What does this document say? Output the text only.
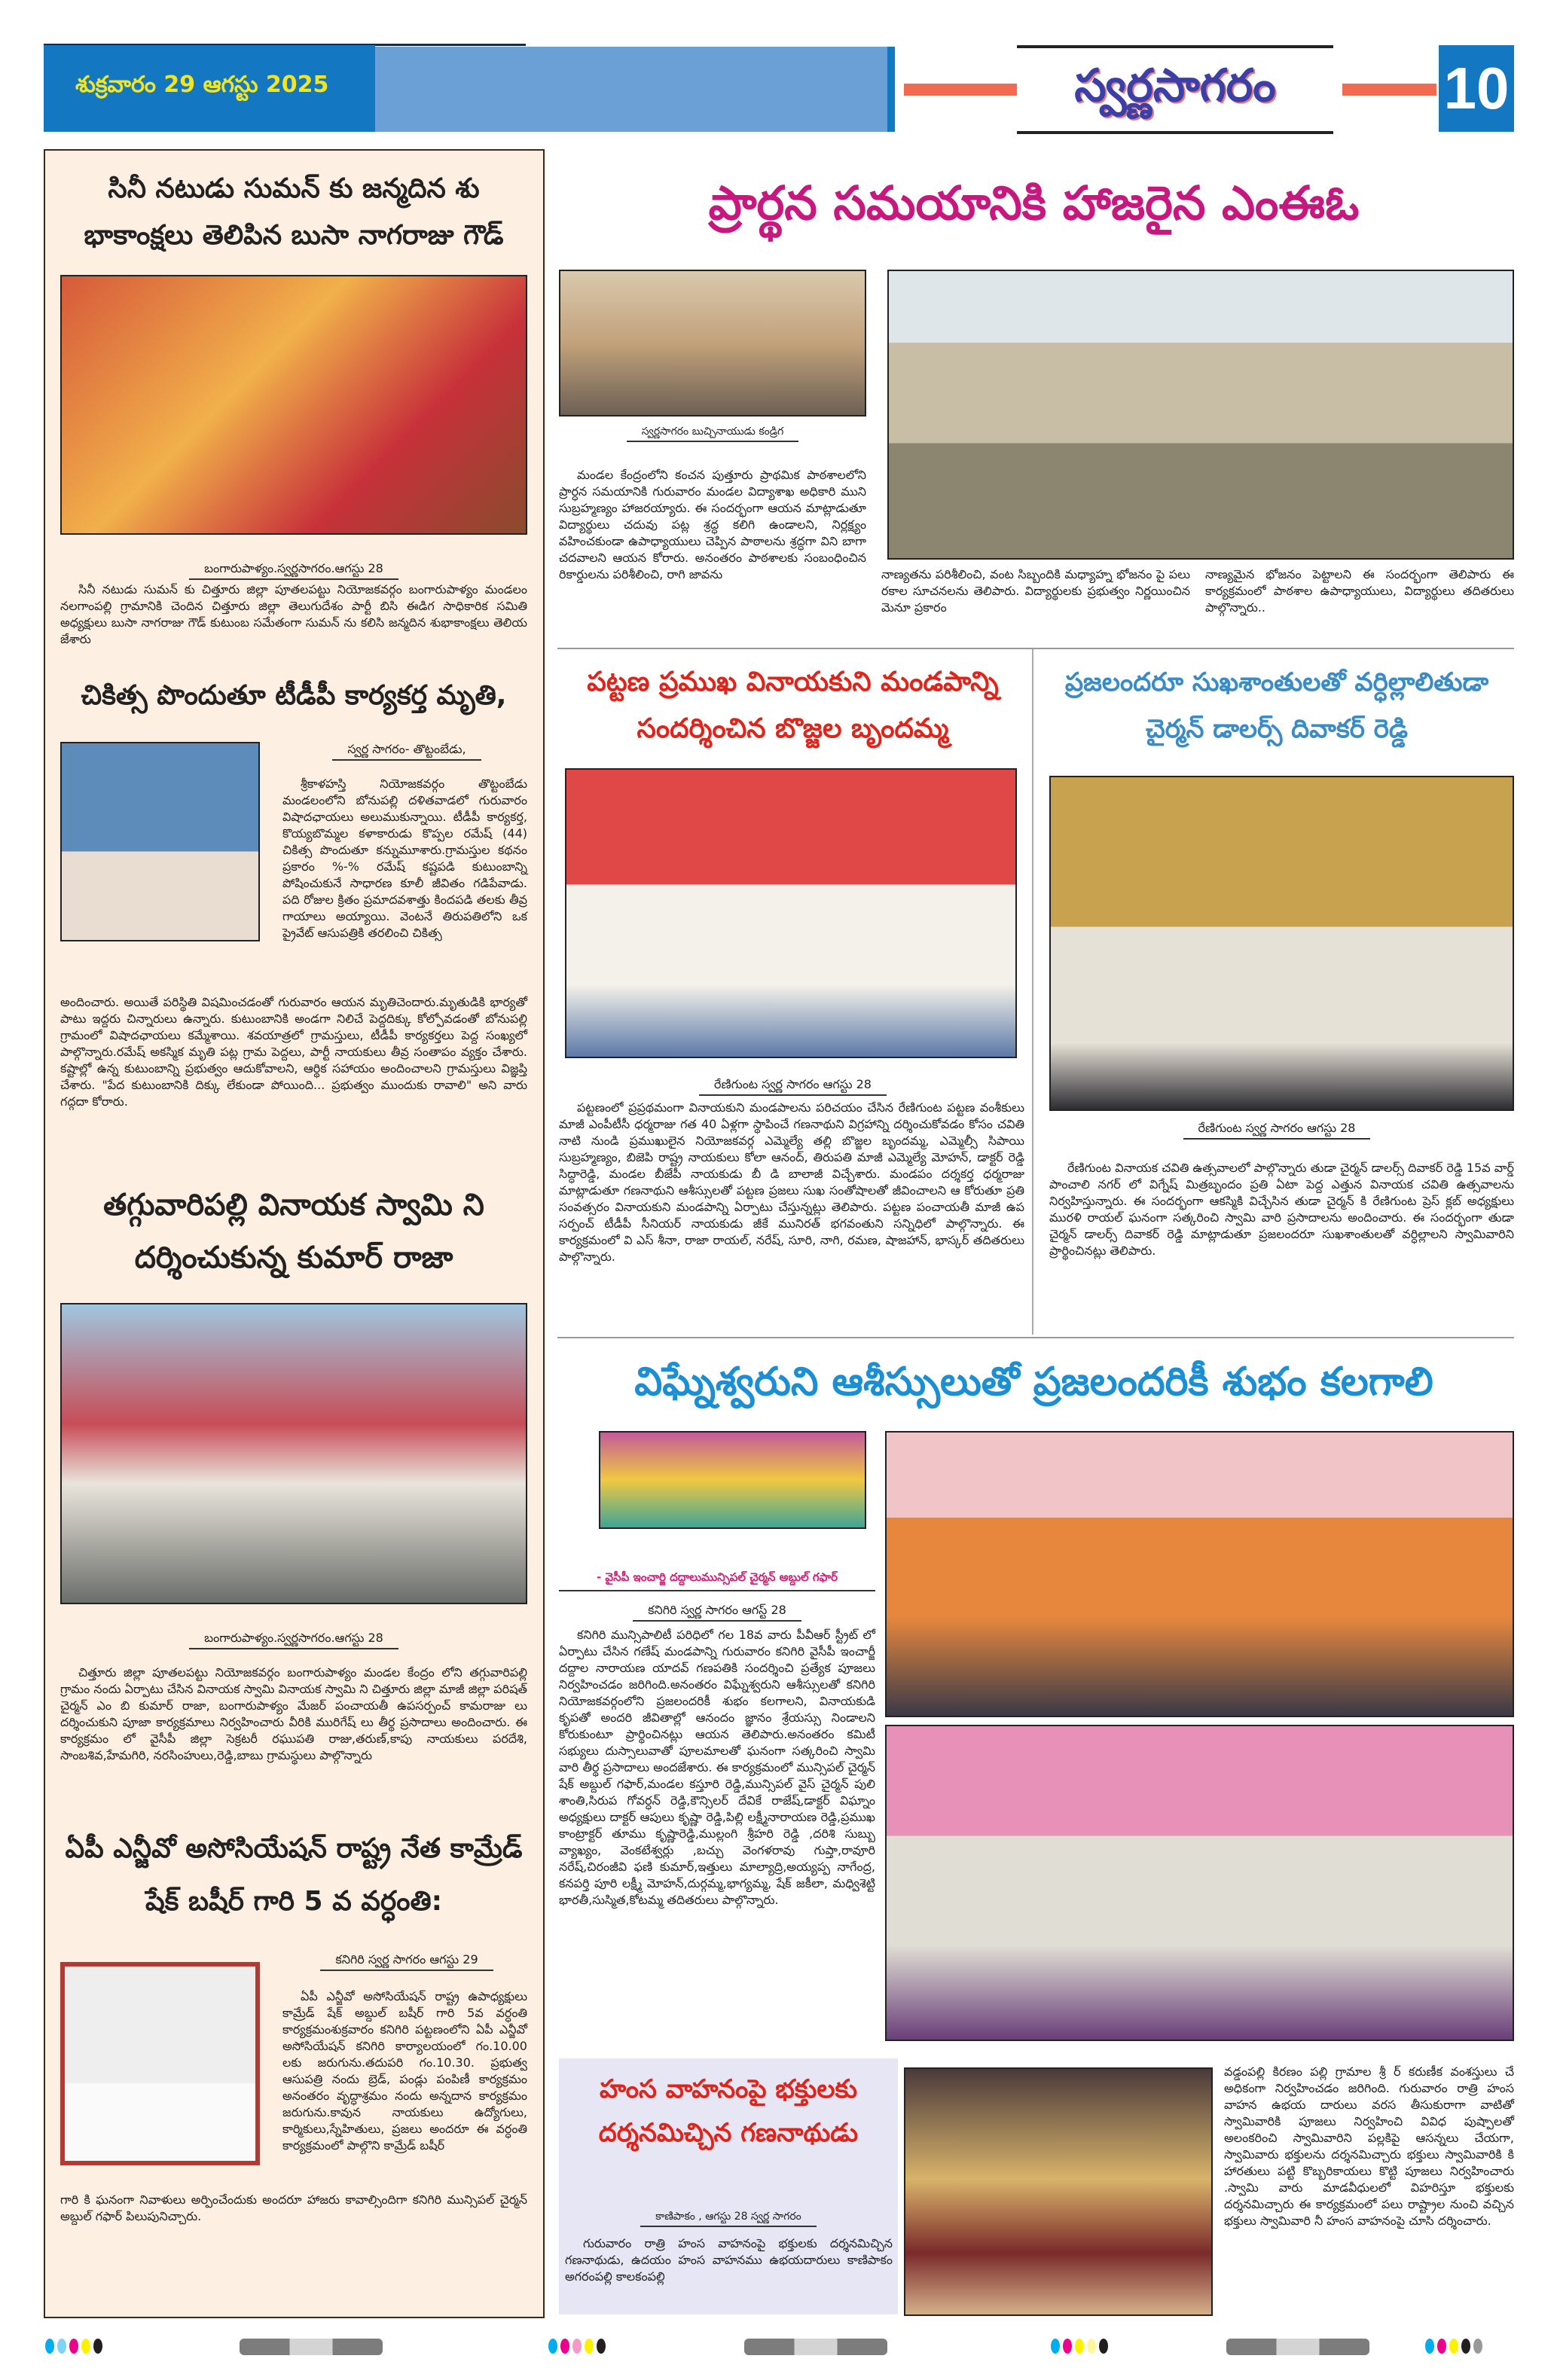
శుక్రవారం 29 ఆగస్టు 2025	స్వర్ణసాగరం	10
సినీ నటుడు సుమన్ కు జన్మదిన శు భాకాంక్షలు తెలిపిన బుసా నాగరాజు గౌడ్
బంగారుపాళ్యం.స్వర్ణసాగరం.ఆగస్టు 28
సినీ నటుడు సుమన్ కు చిత్తూరు జిల్లా పూతలపట్టు నియోజకవర్గం బంగారుపాళ్యం మండలం నలగాంపల్లి గ్రామానికి చెందిన చిత్తూరు జిల్లా తెలుగుదేశం పార్టీ బిసి ఈడిగ సాధికారిక సమితి అధ్యక్షులు బుసా నాగరాజు గౌడ్ కుటుంబ సమేతంగా సుమన్ ను కలిసి జన్మదిన శుభాకాంక్షలు తెలియ జేశారు
చికిత్స పొందుతూ టీడీపీ కార్యకర్త మృతి,
స్వర్ణ సాగరం- తొట్టంబేడు,
శ్రీకాళహస్తి నియోజకవర్గం తొట్టంబేడు మండలంలోని బోనుపల్లి దళితవాడలో గురువారం విషాదఛాయలు అలుముకున్నాయి. టీడీపీ కార్యకర్త, కొయ్యబొమ్మల కళాకారుడు కొప్పల రమేష్ (44) చికిత్స పొందుతూ కన్నుమూశారు.గ్రామస్తుల కథనం ప్రకారం %-% రమేష్ కష్టపడి కుటుంబాన్ని పోషించుకునే సాధారణ కూలీ జీవితం గడిపేవాడు. పది రోజుల క్రితం ప్రమాదవశాత్తు కిందపడి తలకు తీవ్ర గాయాలు అయ్యాయి. వెంటనే తిరుపతిలోని ఒక ప్రైవేట్ ఆసుపత్రికి తరలించి చికిత్స
అందించారు. అయితే పరిస్థితి విషమించడంతో గురువారం ఆయన మృతిచెందారు.మృతుడికి భార్యతో పాటు ఇద్దరు చిన్నారులు ఉన్నారు. కుటుంబానికి అండగా నిలిచే పెద్దదిక్కు కోల్పోవడంతో బోనుపల్లి గ్రామంలో విషాదఛాయలు కమ్మేశాయి. శవయాత్రలో గ్రామస్తులు, టీడీపీ కార్యకర్తలు పెద్ద సంఖ్యలో పాల్గొన్నారు.రమేష్ అకస్మిక మృతి పట్ల గ్రామ పెద్దలు, పార్టీ నాయకులు తీవ్ర సంతాపం వ్యక్తం చేశారు. కష్టాల్లో ఉన్న కుటుంబాన్ని ప్రభుత్వం ఆదుకోవాలని, ఆర్థిక సహాయం అందించాలని గ్రామస్తులు విజ్ఞప్తి చేశారు. "పేద కుటుంబానికి దిక్కు లేకుండా పోయింది... ప్రభుత్వం ముందుకు రావాలి" అని వారు గద్గదా కోరారు.
తగ్గువారిపల్లి వినాయక స్వామి ని దర్శించుకున్న కుమార్ రాజా
బంగారుపాళ్యం.స్వర్ణసాగరం.ఆగస్టు 28
చిత్తూరు జిల్లా పూతలపట్టు నియోజకవర్గం బంగారుపాళ్యం మండల కేంద్రం లోని తగ్గువారిపల్లి గ్రామం నందు ఏర్పాటు చేసిన వినాయక స్వామి వినాయక స్వామి ని చిత్తూరు జిల్లా మాజీ జిల్లా పరిషత్ చైర్మన్ ఎం బి కుమార్ రాజా, బంగారుపాళ్యం మేజర్ పంచాయతీ ఉపసర్పంచ్ కామరాజు లు దర్శించుకుని పూజా కార్యక్రమాలు నిర్వహించారు వీరికి మురిగేష్ లు తీర్థ ప్రసాదాలు అందించారు. ఈ కార్యక్రమం లో వైసీపీ జిల్లా సెక్రటరీ రఘుపతి రాజు,తరుణ్,కాపు నాయకులు పరదేశి, సాంబశివ,హేమగిరి, నరసింహులు,రెడ్డి,బాబు గ్రామస్థులు పాల్గొన్నారు
ఏపీ ఎన్జీవో అసోసియేషన్ రాష్ట్ర నేత కామ్రేడ్ షేక్ బషీర్ గారి 5 వ వర్ధంతి:
కనిగిరి స్వర్ణ సాగరం ఆగస్టు 29
ఏపీ ఎన్జీవో అసోసియేషన్ రాష్ట్ర ఉపాధ్యక్షులు కామ్రేడ్ షేక్ అబ్దుల్ బషీర్ గారి 5వ వర్ధంతి కార్యక్రమంశుక్రవారం కనిగిరి పట్టణంలోని ఏపీ ఎన్జీవో అసోసియేషన్ కనిగిరి కార్యాలయంలో గం.10.00 లకు జరుగును.తదుపరి గం.10.30. ప్రభుత్వ ఆసుపత్రి నందు బ్రెడ్, పండ్లు పంపిణీ కార్యక్రమం అనంతరం వృద్ధాశ్రమం నందు అన్నదాన కార్యక్రమం జరుగును.కావున నాయకులు ఉద్యోగులు, కార్మికులు,స్నేహితులు, ప్రజలు అందరూ ఈ వర్ధంతి కార్యక్రమంలో పాల్గొని కామ్రేడ్ బషీర్
గారి కి ఘనంగా నివాళులు అర్పించేందుకు అందరూ హాజరు కావాల్సిందిగా కనిగిరి మున్సిపల్ చైర్మన్ అబ్దుల్ గఫార్ పిలుపునిచ్చారు.
ప్రార్థన సమయానికి హాజరైన ఎంఈఓ
స్వర్ణసాగరం బుచ్చినాయుడు కండ్రిగ
మండల కేంద్రంలోని కంచన పుత్తూరు ప్రాథమిక పాఠశాలలోని ప్రార్ధన సమయానికి గురువారం మండల విద్యాశాఖ అధికారి ముని సుబ్రహ్మణ్యం హాజరయ్యారు. ఈ సందర్భంగా ఆయన మాట్లాడుతూ విద్యార్థులు చదువు పట్ల శ్రద్ధ కలిగి ఉండాలని, నిర్లక్ష్యం వహించకుండా ఉపాధ్యాయులు చెప్పిన పాఠాలను శ్రద్ధగా విని బాగా చదవాలని ఆయన కోరారు. అనంతరం పాఠశాలకు సంబంధించిన రికార్డులను పరిశీలించి, రాగి జావను	నాణ్యతను పరిశీలించి, వంట సిబ్బందికి మధ్యాహ్న భోజనం పై పలు రకాల సూచనలను తెలిపారు. విద్యార్థులకు ప్రభుత్వం నిర్ణయించిన మెనూ ప్రకారం
నాణ్యమైన భోజనం పెట్టాలని ఈ సందర్భంగా తెలిపారు ఈ కార్యక్రమంలో పాఠశాల ఉపాధ్యాయులు, విద్యార్థులు తదితరులు పాల్గొన్నారు..
పట్టణ ప్రముఖ వినాయకుని మండపాన్ని సందర్శించిన బొజ్జల బృందమ్మ
రేణిగుంట స్వర్ణ సాగరం ఆగస్టు 28
పట్టణంలో ప్రప్రథమంగా వినాయకుని మండపాలను పరిచయం చేసిన రేణిగుంట పట్టణ వంశీకులు మాజీ ఎంపీటీసీ ధర్మరాజు గత 40 ఏళ్లగా స్థాపించే గణనాథుని విగ్రహాన్ని దర్శించుకోవడం కోసం చవితి నాటి నుండి ప్రముఖులైన నియోజకవర్గ ఎమ్మెల్యే తల్లి బొజ్జల బృందమ్మ, ఎమ్మెల్సీ సిపాయి సుబ్రహ్మణ్యం, బిజెపి రాష్ట్ర నాయకులు కోలా ఆనంద్, తిరుపతి మాజీ ఎమ్మెల్యే మోహన్, డాక్టర్ రెడ్డి సిద్ధారెడ్డి, మండల బీజేపీ నాయకుడు బీ డి బాలాజీ విచ్చేశారు. మండపం దర్శకర్త ధర్మరాజు మాట్లాడుతూ గణనాథుని ఆశీస్సులతో పట్టణ ప్రజలు సుఖ సంతోషాలతో జీవించాలని ఆ కోరుతూ ప్రతి సంవత్సరం వినాయకుని మండపాన్ని ఏర్పాటు చేస్తున్నట్లు తెలిపారు. పట్టణ పంచాయతీ మాజీ ఉప సర్పంచ్ టీడీపీ సీనియర్ నాయకుడు జీకే మునిరత్ భగవంతుని సన్నిధిలో పాల్గొన్నారు. ఈ కార్యక్రమంలో వి ఎస్ శీనా, రాజా రాయల్, నరేష్, సూరి, నాగి, రమణ, షాజహాన్, భాస్కర్ తదితరులు పాల్గొన్నారు.
ప్రజలందరూ సుఖశాంతులతో వర్ధిల్లాలితుడా చైర్మన్ డాలర్స్ దివాకర్ రెడ్డి
రేణిగుంట స్వర్ణ సాగరం ఆగస్టు 28
రేణిగుంట వినాయక చవితి ఉత్సవాలలో పాల్గొన్నారు తుడా చైర్మన్ డాలర్స్ దివాకర్ రెడ్డి 15వ వార్డ్ పాంచాలి నగర్ లో విగ్నేష్ మిత్రబృందం ప్రతి ఏటా పెద్ద ఎత్తున వినాయక చవితి ఉత్సవాలను నిర్వహిస్తున్నారు. ఈ సందర్భంగా ఆకస్మికి విచ్చేసిన తుడా చైర్మన్ కి రేణిగుంట ప్రెస్ క్లబ్ అధ్యక్షులు మురళి రాయల్ ఘనంగా సత్కరించి స్వామి వారి ప్రసాదాలను అందించారు. ఈ సందర్భంగా తుడా చైర్మన్ డాలర్స్ దివాకర్ రెడ్డి మాట్లాడుతూ ప్రజలందరూ సుఖశాంతులతో వర్ధిల్లాలని స్వామివారిని ప్రార్థించినట్లు తెలిపారు.
విఘ్నేశ్వరుని ఆశీస్సులుతో ప్రజలందరికీ శుభం కలగాలి
- వైసీపీ ఇంచార్జి దద్దాలుమున్సిపల్ చైర్మన్ అబ్దుల్ గఫార్
కనిగిరి స్వర్ణ సాగరం ఆగస్ట్ 28
కనిగిరి మున్సిపాలిటీ పరిధిలో గల 18వ వారు పీవీఆర్ స్ట్రీట్ లో ఏర్పాటు చేసిన గణేష్ మండపాన్ని గురువారం కనిగిరి వైసీపీ ఇంచార్జీ దద్దాల నారాయణ యాదవ్ గణపతికి సందర్శించి ప్రత్యేక పూజలు నిర్వహించడం జరిగింది.అనంతరం విఘ్నేశ్వరుని ఆశీస్సులతో కనిగిరి నియోజకవర్గంలోని ప్రజలందరికీ శుభం కలగాలని, వినాయకుడి కృపతో అందరి జీవితాల్లో ఆనందం జ్ఞానం శ్రేయస్సు నిండాలని కోరుకుంటూ ప్రార్థించినట్లు ఆయన తెలిపారు.అనంతరం కమిటీ సభ్యులు దుస్సాలువాతో పూలమాలతో ఘనంగా సత్కరించి స్వామి వారి తీర్థ ప్రసాదాలు అందజేశారు. ఈ కార్యక్రమంలో మున్సిపల్ చైర్మన్ షేక్ అబ్దుల్ గఫార్,మండల కస్తూరి రెడ్డి,మున్సిపల్ వైస్ చైర్మన్ పులి శాంతి,సిరుప గోవర్ధన్ రెడ్డి,కౌన్సిలర్ దేవికే రాజేష్,డాక్టర్ విఘ్నాం అధ్యక్షులు దాక్టర్ ఆపులు కృష్ణా రెడ్డి,పిల్లి లక్ష్మీనారాయణ రెడ్డి,ప్రముఖ కాంట్రాక్టర్ తూము కృష్ణారెడ్డి,ముల్లంగి శ్రీహరి రెడ్డి ,దరిశి సుబ్బు వ్యాఖ్యం, వెంకటేశ్వర్లు ,బచ్చు వెంగళరావు గుప్తా,రావూరి నరేష్,చిరంజీవి ఫణి కుమార్,ఇత్తులు మాల్యాద్రి,అయ్యప్ప నాగేంద్ర, కనపర్తి పూరి లక్ష్మీ మోహన్,దుర్గమ్మ,భాగ్యమ్మ, షేక్ జకీలా, మధ్విశెట్టి భారతీ,సుస్మిత,కోటమ్మ తదితరులు పాల్గొన్నారు.
హంస వాహనంపై భక్తులకు దర్శనమిచ్చిన గణనాథుడు
కాణిపాకం , ఆగస్టు 28 స్వర్ణ సాగరం
గురువారం రాత్రి హంస వాహనంపై భక్తులకు దర్శనమిచ్చిన గణనాథుడు, ఉదయం హంస వాహనము ఉభయదారులు కాణిపాకం అగరంపల్లి కాలకంపల్లి
వడ్డంపల్లి కిరణం పల్లి గ్రామాల శ్రీ ర్ కరుణీక వంశస్తులు చే అధికంగా నిర్వహించడం జరిగింది. గురువారం రాత్రి హంస వాహన ఉభయ దారులు వరస తీసుకురాగా వాటితో స్వామివారికి పూజలు నిర్వహించి వివిధ పుష్పాలతో అలంకరించి స్వామివారిని పల్లకిపై ఆసన్నలు చేయగా, స్వామివారు భక్తులను దర్శనమిచ్చారు భక్తులు స్వామివారికి కి హారతులు పట్టి కొబ్బరికాయలు కొట్టి పూజలు నిర్వహించారు .స్వామి వారు మాడవీధులలో విహరిస్తూ భక్తులకు దర్శనమిచ్చారు ఈ కార్యక్రమంలో పలు రాష్ట్రాల నుంచి వచ్చిన భక్తులు స్వామివారి నీ హంస వాహనంపై చూసి దర్శించారు.
